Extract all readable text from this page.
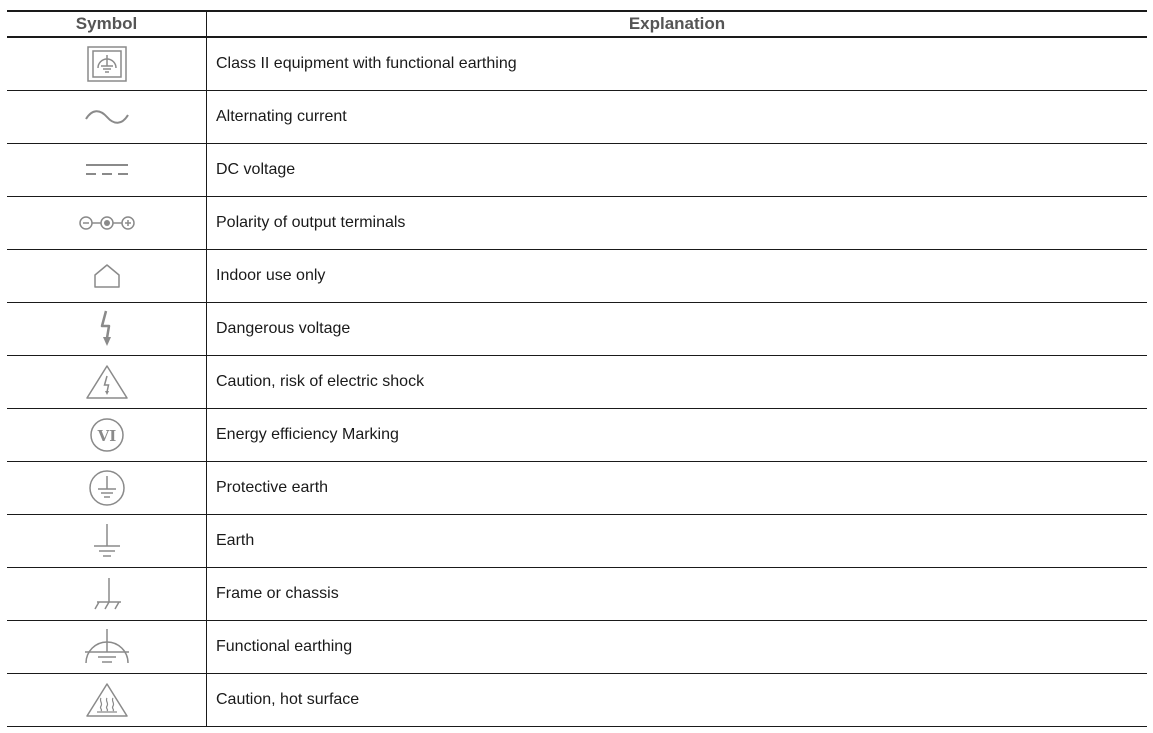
Symbol	Explanation
Class II equipment with functional earthing
Alternating current
DC voltage
Polarity of output terminals
Indoor use only
Dangerous voltage
Caution, risk of electric shock
VI	Energy efficiency Marking
Protective earth
Earth
Frame or chassis
Functional earthing
Caution, hot surface
